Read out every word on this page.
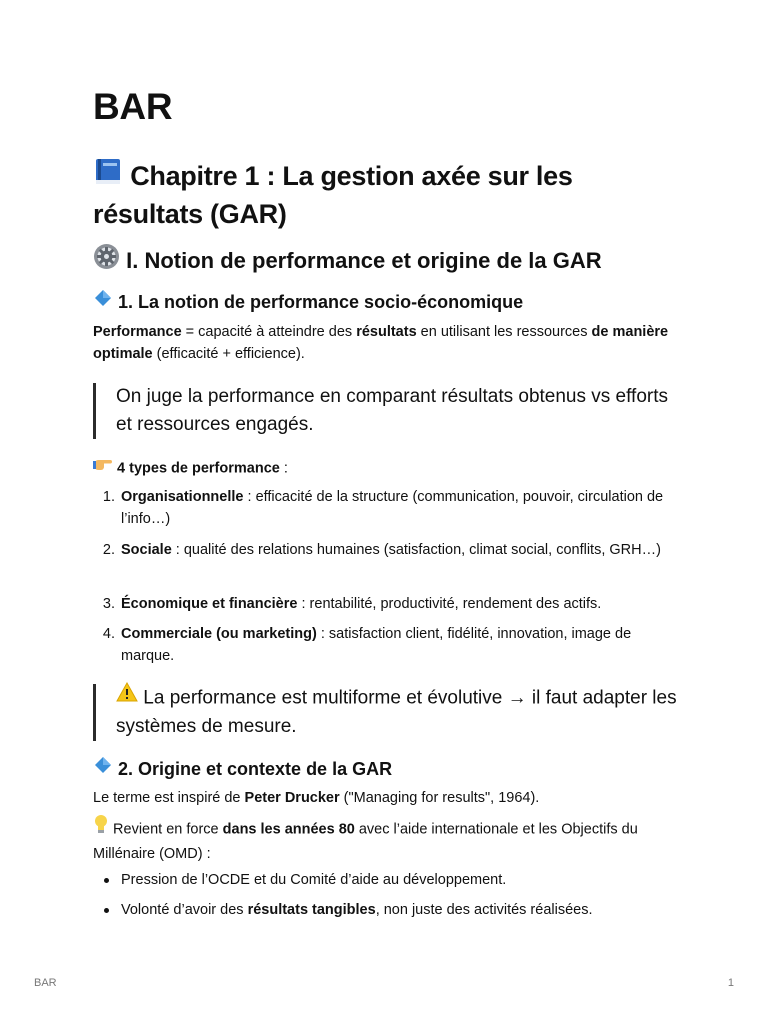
BAR
Chapitre 1 : La gestion axée sur les résultats (GAR)
I. Notion de performance et origine de la GAR
1. La notion de performance socio-économique

Performance = capacité à atteindre des résultats en utilisant les ressources de manière optimale (efficacité + efficience).

On juge la performance en comparant résultats obtenus vs efforts et ressources engagés.

4 types de performance :

1. Organisationnelle : efficacité de la structure (communication, pouvoir, circulation de l’info…)
2. Sociale : qualité des relations humaines (satisfaction, climat social, conflits, GRH…)
3. Économique et financière : rentabilité, productivité, rendement des actifs.
4. Commerciale (ou marketing) : satisfaction client, fidélité, innovation, image de marque.
La performance est multiforme et évolutive → il faut adapter les systèmes de mesure.
2. Origine et contexte de la GAR

Le terme est inspiré de Peter Drucker ("Managing for results", 1964).

Revient en force dans les années 80 avec l’aide internationale et les Objectifs du Millénaire (OMD) :

Pression de l’OCDE et du Comité d’aide au développement.
Volonté d’avoir des résultats tangibles, non juste des activités réalisées.
BAR	1
